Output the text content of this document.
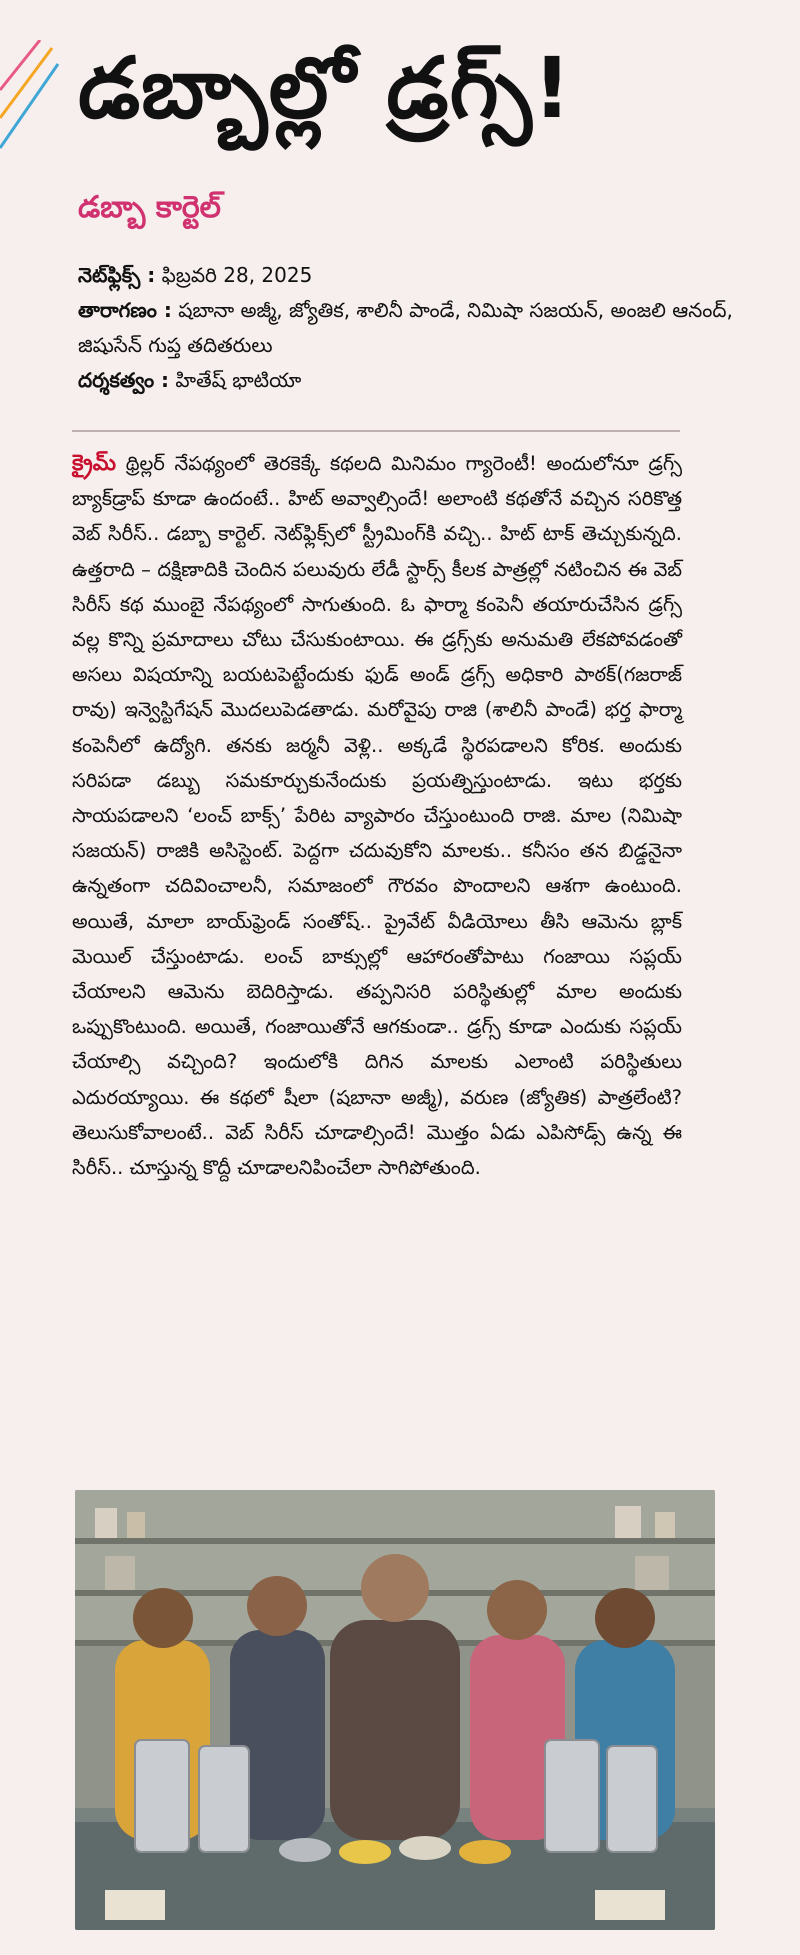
డబ్బాల్లో డ్రగ్స్!
డబ్బా కార్టెల్
నెట్‌ఫ్లిక్స్ : ఫిబ్రవరి 28, 2025
తారాగణం : షబానా అజ్మీ, జ్యోతిక, శాలినీ పాండే, నిమిషా సజయన్, అంజలి ఆనంద్, జిషుసేన్ గుప్త తదితరులు
దర్శకత్వం : హితేష్ భాటియా
క్రైమ్ థ్రిల్లర్ నేపథ్యంలో తెరకెక్కే కథలది మినిమం గ్యారెంటీ! అందులోనూ డ్రగ్స్ బ్యాక్‌డ్రాప్ కూడా ఉందంటే.. హిట్ అవ్వాల్సిందే! అలాంటి కథతోనే వచ్చిన సరికొత్త వెబ్ సిరీస్.. డబ్బా కార్టెల్. నెట్‌ఫ్లిక్స్‌లో స్ట్రీమింగ్‌కి వచ్చి.. హిట్ టాక్ తెచ్చుకున్నది. ఉత్తరాది – దక్షిణాదికి చెందిన పలువురు లేడీ స్టార్స్ కీలక పాత్రల్లో నటించిన ఈ వెబ్ సిరీస్ కథ ముంబై నేపథ్యంలో సాగుతుంది. ఓ ఫార్మా కంపెనీ తయారుచేసిన డ్రగ్స్ వల్ల కొన్ని ప్రమాదాలు చోటు చేసుకుంటాయి. ఈ డ్రగ్స్‌కు అనుమతి లేకపోవడంతో అసలు విషయాన్ని బయటపెట్టేందుకు ఫుడ్ అండ్ డ్రగ్స్ అధికారి పాఠక్(గజరాజ్ రావు) ఇన్వెస్టిగేషన్ మొదలుపెడతాడు. మరోవైపు రాజి (శాలినీ పాండే) భర్త ఫార్మా కంపెనీలో ఉద్యోగి. తనకు జర్మనీ వెళ్లి.. అక్కడే స్థిరపడాలని కోరిక. అందుకు సరిపడా డబ్బు సమకూర్చుకునేందుకు ప్రయత్నిస్తుంటాడు. ఇటు భర్తకు సాయపడాలని ‘లంచ్ బాక్స్’ పేరిట వ్యాపారం చేస్తుంటుంది రాజి. మాల (నిమిషా సజయన్) రాజికి అసిస్టెంట్. పెద్దగా చదువుకోని మాలకు.. కనీసం తన బిడ్డనైనా ఉన్నతంగా చదివించాలనీ, సమాజంలో గౌరవం పొందాలని ఆశగా ఉంటుంది. అయితే, మాలా బాయ్‌ఫ్రెండ్ సంతోష్.. ప్రైవేట్ వీడియోలు తీసి ఆమెను బ్లాక్ మెయిల్ చేస్తుంటాడు. లంచ్ బాక్సుల్లో ఆహారంతోపాటు గంజాయి సప్లయ్ చేయాలని ఆమెను బెదిరిస్తాడు. తప్పనిసరి పరిస్థితుల్లో మాల అందుకు ఒప్పుకొంటుంది. అయితే, గంజాయితోనే ఆగకుండా.. డ్రగ్స్ కూడా ఎందుకు సప్లయ్ చేయాల్సి వచ్చింది? ఇందులోకి దిగిన మాలకు ఎలాంటి పరిస్థితులు ఎదురయ్యాయి. ఈ కథలో షీలా (షబానా అజ్మీ), వరుణ (జ్యోతిక) పాత్రలేంటి? తెలుసుకోవాలంటే.. వెబ్ సిరీస్ చూడాల్సిందే! మొత్తం ఏడు ఎపిసోడ్స్ ఉన్న ఈ సిరీస్.. చూస్తున్న కొద్దీ చూడాలనిపించేలా సాగిపోతుంది.
